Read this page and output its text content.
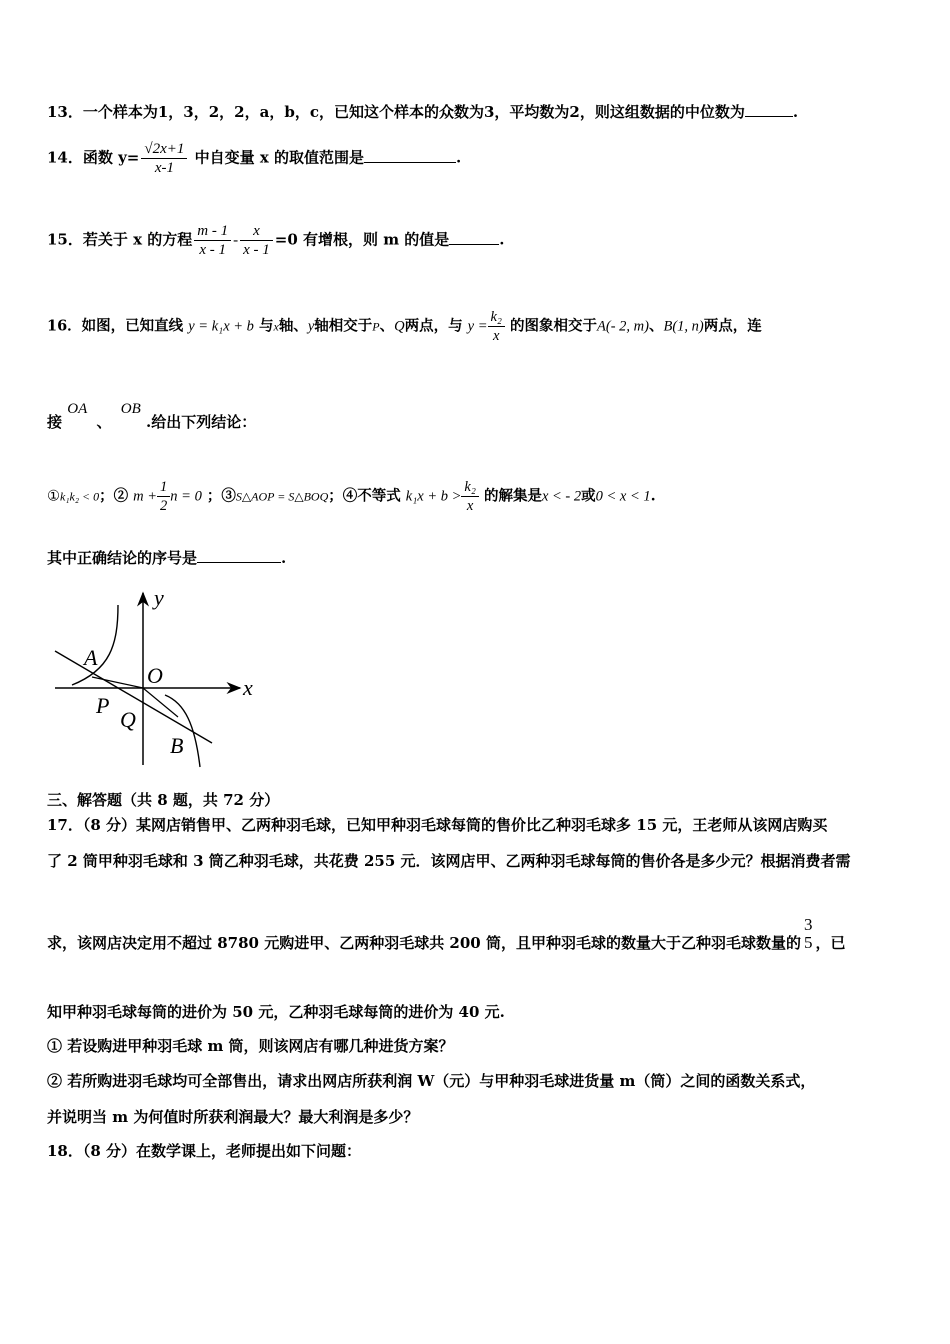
13．一个样本为1，3，2，2，a，b，c，已知这个样本的众数为3，平均数为2，则这组数据的中位数为	.
14．函数 $y= \frac{√2x+1}{x-1}$ 中自变量 x 的取值范围是	.
15．若关于 x 的方程 $\frac{m - 1}{x - 1} - \frac{x}{x - 1} =0$ 有增根，则 m 的值是	.
16．如图，已知直线 y = k₁x + b 与x轴、y轴相交于P、Q两点，与 $y = \frac{\text{k₂}}{x}$ 的图象相交于A(- 2, m)、B(1, n)两点，连
接 OA 、 OB .给出下列结论：
①k₁k₂ < 0；② $m + \frac{1}{2}$ n = 0 ；③S△AOP = S△BOQ；④不等式 $k_1x + b > \frac{\text{k₂}}{x}$ 的解集是x < - 2或0 < x < 1.
其中正确结论的序号是	.
y
x
A
O
P
Q
B
三、解答题（共 8 题，共 72 分）
17．（8 分）某网店销售甲、乙两种羽毛球，已知甲种羽毛球每筒的售价比乙种羽毛球多 15 元，王老师从该网店购买
了 2 筒甲种羽毛球和 3 筒乙种羽毛球，共花费 255 元．该网店甲、乙两种羽毛球每筒的售价各是多少元？根据消费者需
求，该网店决定用不超过 8780 元购进甲、乙两种羽毛球共 200 筒，且甲种羽毛球的数量大于乙种羽毛球数量的
3
5 ，已
知甲种羽毛球每筒的进价为 50 元，乙种羽毛球每筒的进价为 40 元.
① 若设购进甲种羽毛球 m 筒，则该网店有哪几种进货方案？
② 若所购进羽毛球均可全部售出，请求出网店所获利润 W（元）与甲种羽毛球进货量 m（筒）之间的函数关系式，
并说明当 m 为何值时所获利润最大？最大利润是多少？
18．（8 分）在数学课上，老师提出如下问题：
